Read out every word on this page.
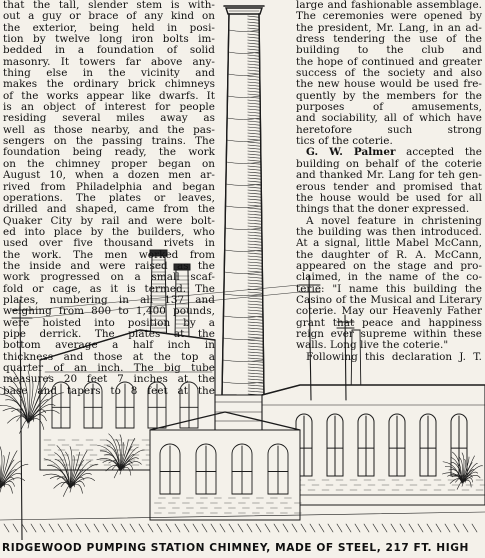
that the tall, slender stem is with-
out a guy or brace of any kind on
the exterior, being held in posi-
tion by twelve long iron bolts im-
bedded in a foundation of solid
masonry. It towers far above any-
thing else in the vicinity and
makes the ordinary brick chimneys
of the works appear like dwarfs. It
is an object of interest for people
residing several miles away as
well as those nearby, and the pas-
sengers on the passing trains. The
foundation being ready, the work
on the chimney proper began on
August 10, when a dozen men ar-
rived from Philadelphia and began
operations. The plates or leaves,
drilled and shaped, came from the
Quaker City by rail and were bolt-
ed into place by the builders, who
used over five thousand rivets in
the work. The men worked from
the inside and were raised as the
work progressed on a small scaf-
fold or cage, as it is termed. The
plates, numbering in all 137 and
weighing from 800 to 1,400 pounds,
were hoisted into position by a
pipe derrick. The plates at the
bottom average a half inch in
thickness and those at the top a
quarter of an inch. The big tube
measures 20 feet 7 inches at the
base and tapers to 8 feet at the
large and fashionable assemblage.
The ceremonies were opened by
the president, Mr. Lang, in an ad-
dress tendering the use of the
building to the club and
the hope of continued and greater
success of the society and also
the new house would be used fre-
quently by the members for the
purposes of amusements,
and sociability, all of which have
heretofore such strong
tics of the coterie.
G. W. Palmer accepted the
building on behalf of the coterie
and thanked Mr. Lang for teh gen-
erous tender and promised that
the house would be used for all
things that the doner expressed.
A novel feature in christening
the building was then introduced.
At a signal, little Mabel McCann,
the daughter of R. A. McCann,
appeared on the stage and pro-
claimed, in the name of the co-
terie: "I name this building the
Casino of the Musical and Literary
coterie. May our Heavenly Father
grant that peace and happiness
reign ever supreme within these
walls. Long live the coterie."
Following this declaration J. T.
RIDGEWOOD PUMPING STATION CHIMNEY, MADE OF STEEL, 217 FT. HIGH
